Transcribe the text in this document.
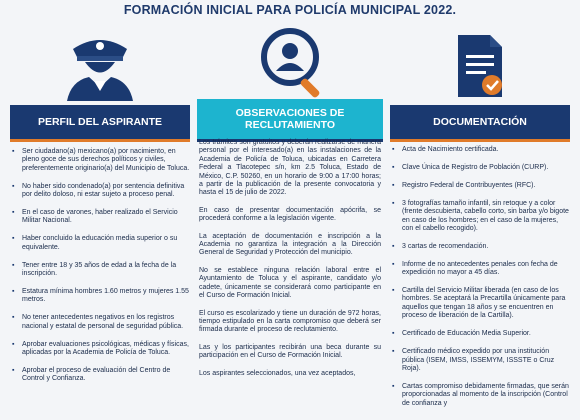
FORMACIÓN INICIAL PARA POLICÍA MUNICIPAL 2022.
PERFIL DEL ASPIRANTE
▪ Ser ciudadano(a) mexicano(a) por nacimiento, en pleno goce de sus derechos políticos y civiles, preferentemente originario(a) del Municipio de Toluca.
▪ No haber sido condenado(a) por sentencia definitiva por delito doloso, ni estar sujeto a proceso penal.
▪ En el caso de varones, haber realizado el Servicio Militar Nacional.
▪ Haber concluido la educación media superior o su equivalente.
▪ Tener entre 18 y 35 años de edad a la fecha de la inscripción.
▪ Estatura mínima hombres 1.60 metros y mujeres 1.55 metros.
▪ No tener antecedentes negativos en los registros nacional y estatal de personal de seguridad pública.
▪ Aprobar evaluaciones psicológicas, médicas y físicas, aplicadas por la Academia de Policía de Toluca.
▪ Aprobar el proceso de evaluación del Centro de Control y Confianza.
OBSERVACIONES DE RECLUTAMIENTO

Los trámites son gratuitos y deberán realizarse de manera personal por el interesado(a) en las instalaciones de la Academia de Policía de Toluca, ubicadas en Carretera Federal a Tlacotepec s/n, km 2.5 Toluca, Estado de México, C.P. 50260, en un horario de 9:00 a 17:00 horas; a partir de la publicación de la presente convocatoria y hasta el 15 de julio de 2022.

En caso de presentar documentación apócrifa, se procederá conforme a la legislación vigente.

La aceptación de documentación e inscripción a la Academia no garantiza la integración a la Dirección General de Seguridad y Protección del municipio.

No se establece ninguna relación laboral entre el Ayuntamiento de Toluca y el aspirante, candidato y/o cadete, únicamente se considerará como participante en el Curso de Formación Inicial.

El curso es escolarizado y tiene un duración de 972 horas, tiempo estipulado en la carta compromiso que deberá ser firmada durante el proceso de reclutamiento.

Las y los participantes recibirán una beca durante su participación en el Curso de Formación Inicial.

Los aspirantes seleccionados, una vez aceptados,

DOCUMENTACIÓN
▪ Acta de Nacimiento certificada.
▪ Clave Única de Registro de Población (CURP).
▪ Registro Federal de Contribuyentes (RFC).
▪ 3 fotografías tamaño infantil, sin retoque y a color (frente descubierta, cabello corto, sin barba y/o bigote en caso de los hombres; en el caso de la mujeres, con el cabello recogido).
▪ 3 cartas de recomendación.
▪ Informe de no antecedentes penales con fecha de expedición no mayor a 45 días.
▪ Cartilla del Servicio Militar liberada (en caso de los hombres. Se aceptará la Precartilla únicamente para aquellos que tengan 18 años y se encuentren en proceso de liberación de la Cartilla).
▪ Certificado de Educación Media Superior.
▪ Certificado médico expedido por una institución pública (ISEM, IMSS, ISSEMYM, ISSSTE o Cruz Roja).
▪ Cartas compromiso debidamente firmadas, que serán proporcionadas al momento de la inscripción (Control de confianza y
